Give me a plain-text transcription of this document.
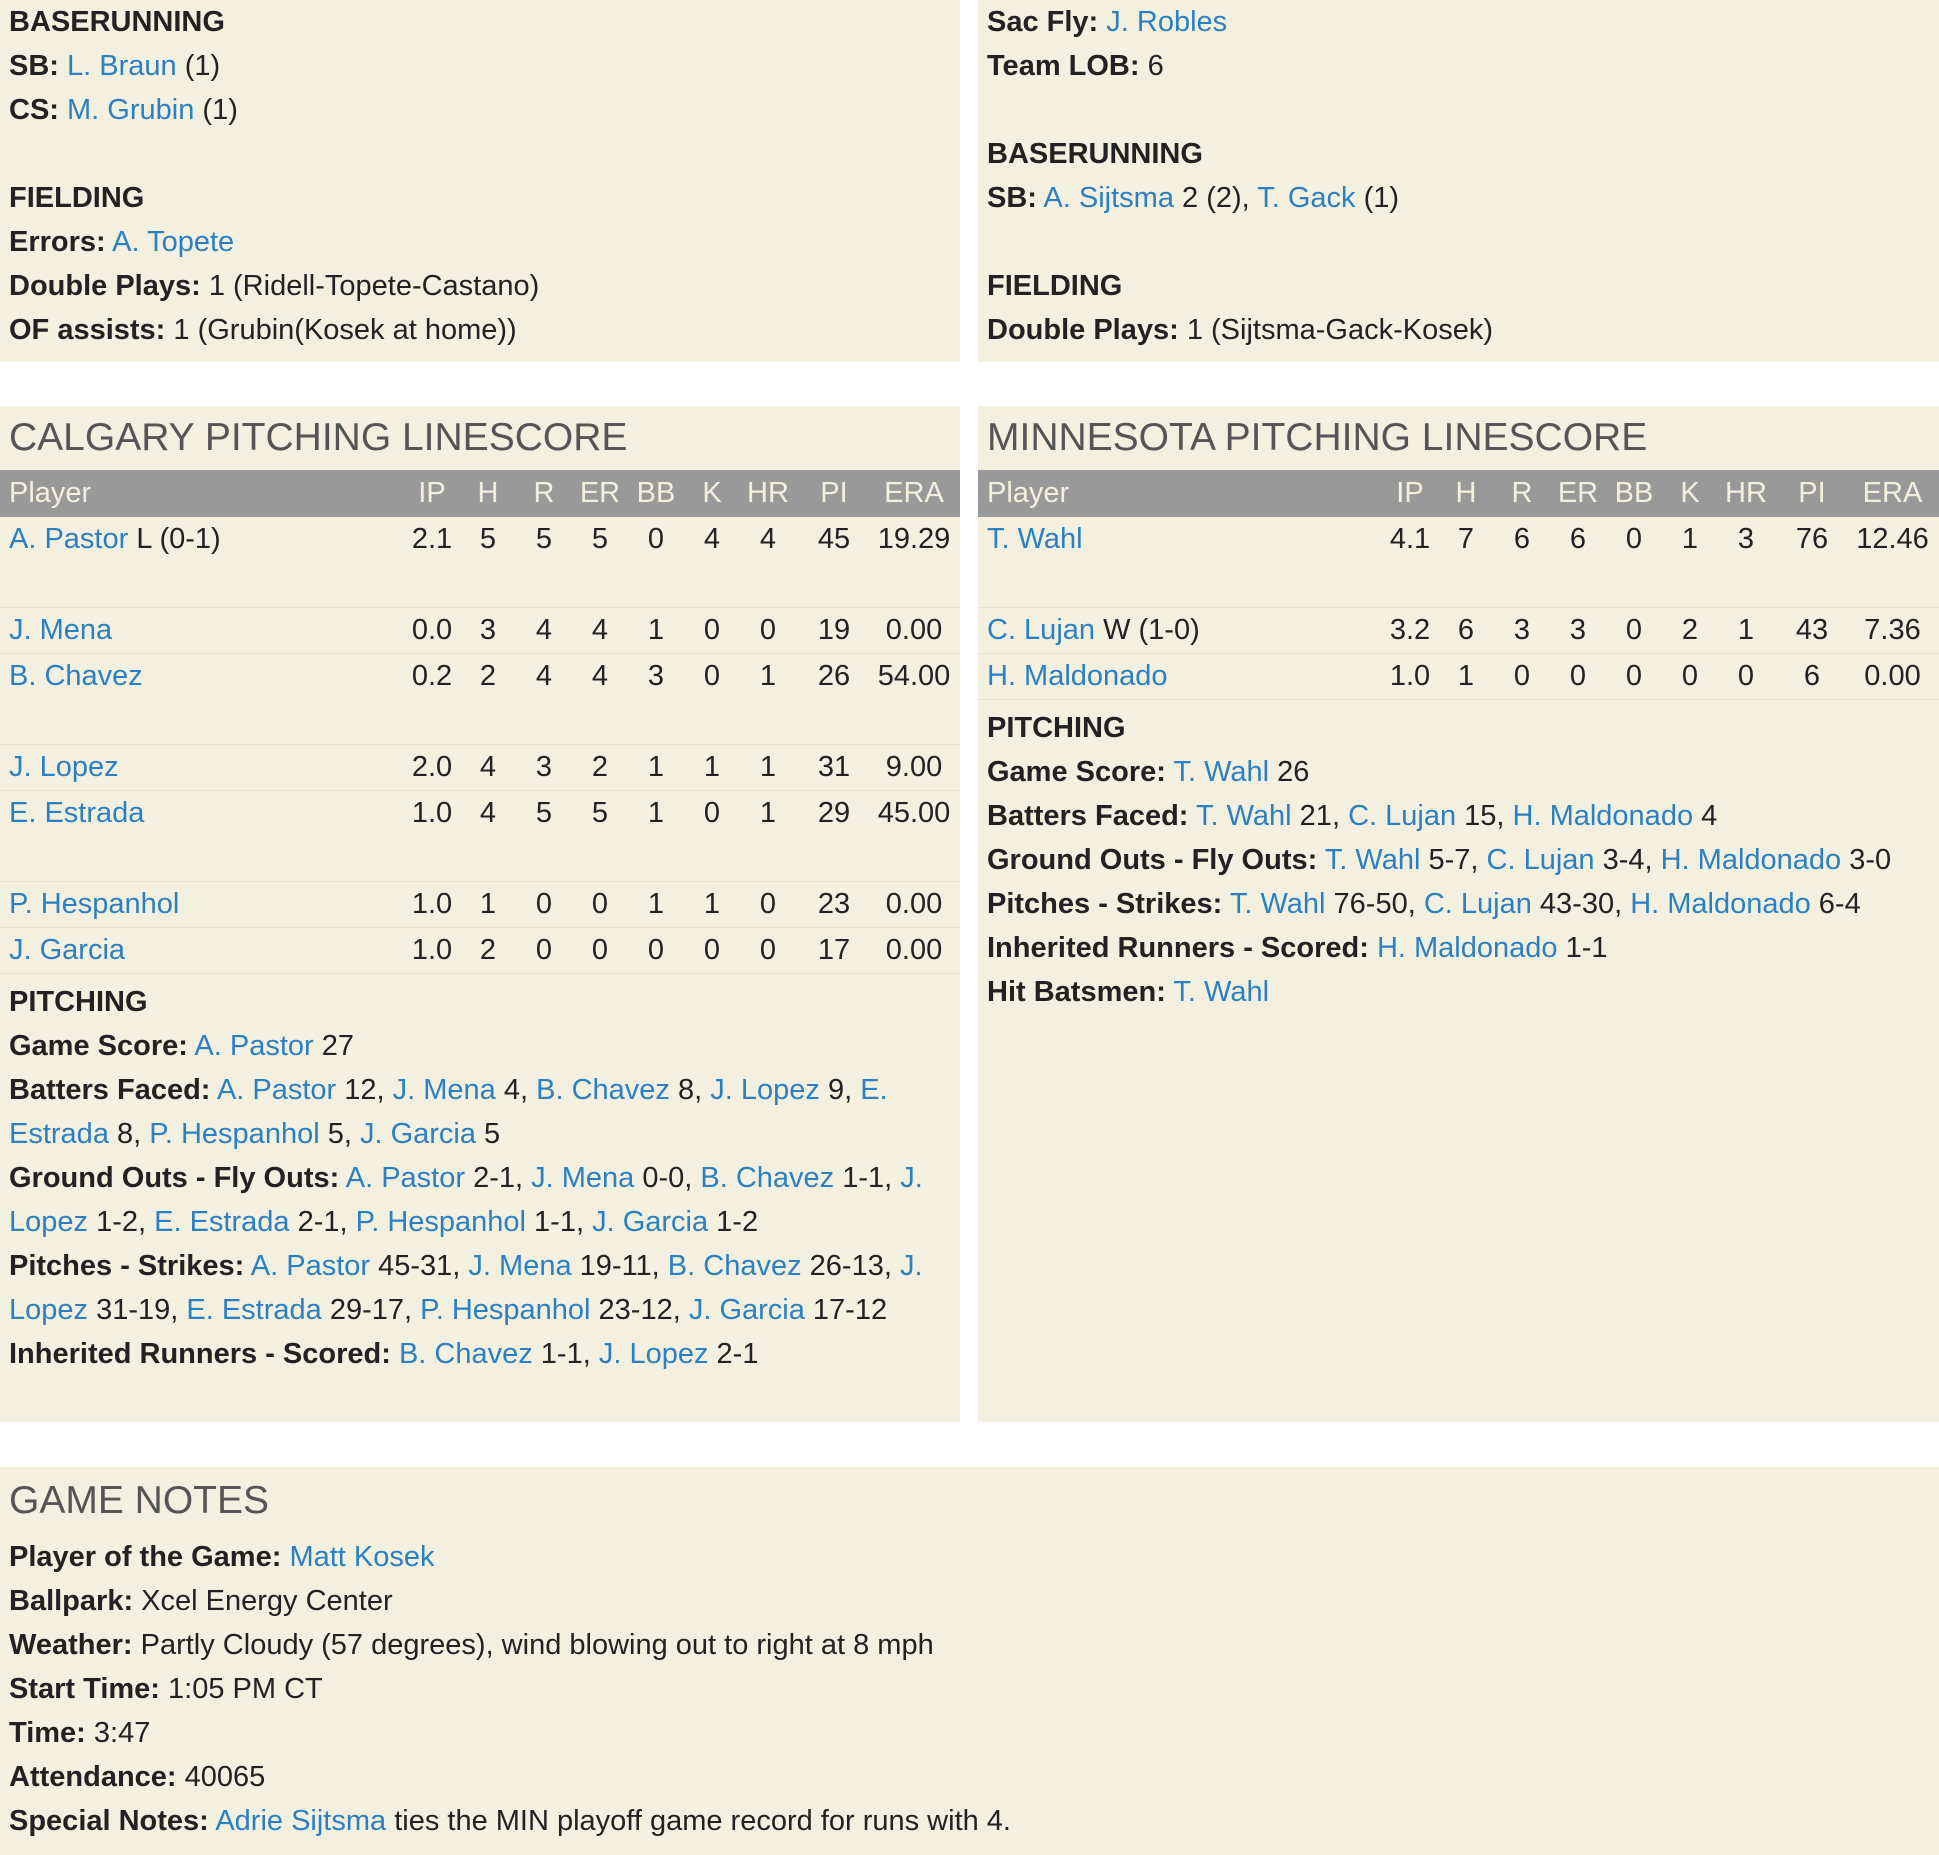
BASERUNNING
SB: L. Braun (1)
CS: M. Grubin (1)
FIELDING
Errors: A. Topete
Double Plays: 1 (Ridell-Topete-Castano)
OF assists: 1 (Grubin(Kosek at home))
Sac Fly: J. Robles
Team LOB: 6
BASERUNNING
SB: A. Sijtsma 2 (2), T. Gack (1)
FIELDING
Double Plays: 1 (Sijtsma-Gack-Kosek)
CALGARY PITCHING LINESCORE
Player	IP	H	R	ER	BB	K	HR	PI	ERA
A. Pastor L (0-1)	2.1	5	5	5	0	4	4	45	19.29
J. Mena	0.0	3	4	4	1	0	0	19	0.00
B. Chavez	0.2	2	4	4	3	0	1	26	54.00
J. Lopez	2.0	4	3	2	1	1	1	31	9.00
E. Estrada	1.0	4	5	5	1	0	1	29	45.00
P. Hespanhol	1.0	1	0	0	1	1	0	23	0.00
J. Garcia	1.0	2	0	0	0	0	0	17	0.00
PITCHING
Game Score: A. Pastor 27
Batters Faced: A. Pastor 12, J. Mena 4, B. Chavez 8, J. Lopez 9, E.
Estrada 8, P. Hespanhol 5, J. Garcia 5
Ground Outs - Fly Outs: A. Pastor 2-1, J. Mena 0-0, B. Chavez 1-1, J.
Lopez 1-2, E. Estrada 2-1, P. Hespanhol 1-1, J. Garcia 1-2
Pitches - Strikes: A. Pastor 45-31, J. Mena 19-11, B. Chavez 26-13, J.
Lopez 31-19, E. Estrada 29-17, P. Hespanhol 23-12, J. Garcia 17-12
Inherited Runners - Scored: B. Chavez 1-1, J. Lopez 2-1
MINNESOTA PITCHING LINESCORE
Player	IP	H	R	ER	BB	K	HR	PI	ERA
T. Wahl	4.1	7	6	6	0	1	3	76	12.46
C. Lujan W (1-0)	3.2	6	3	3	0	2	1	43	7.36
H. Maldonado	1.0	1	0	0	0	0	0	6	0.00
PITCHING
Game Score: T. Wahl 26
Batters Faced: T. Wahl 21, C. Lujan 15, H. Maldonado 4
Ground Outs - Fly Outs: T. Wahl 5-7, C. Lujan 3-4, H. Maldonado 3-0
Pitches - Strikes: T. Wahl 76-50, C. Lujan 43-30, H. Maldonado 6-4
Inherited Runners - Scored: H. Maldonado 1-1
Hit Batsmen: T. Wahl
GAME NOTES
Player of the Game: Matt Kosek
Ballpark: Xcel Energy Center
Weather: Partly Cloudy (57 degrees), wind blowing out to right at 8 mph
Start Time: 1:05 PM CT
Time: 3:47
Attendance: 40065
Special Notes: Adrie Sijtsma ties the MIN playoff game record for runs with 4.
